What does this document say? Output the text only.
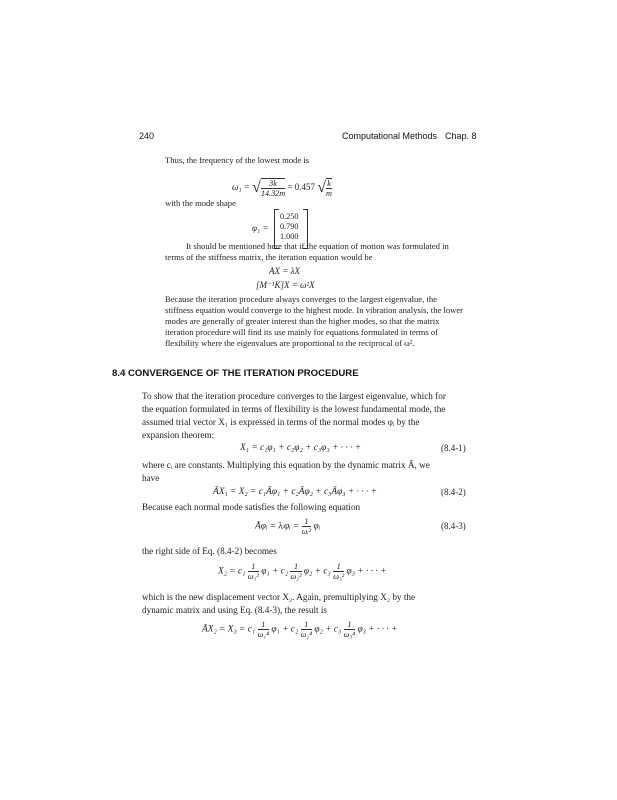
240	Computational Methods Chap. 8
Thus, the frequency of the lowest mode is
ω₁ = √ $\frac{3k}{14.32m} = 0.457$ √ $\frac{k}{m}$
with the mode shape
φ₁ =
0.250
0.790
1.000
It should be mentioned here that if the equation of motion was formulated in
terms of the stiffness matrix, the iteration equation would be
AX = λX
[M⁻¹K]X = ω²X
Because the iteration procedure always converges to the largest eigenvalue, the
stiffness equation would converge to the highest mode. In vibration analysis, the lower
modes are generally of greater interest than the higher modes, so that the matrix
iteration procedure will find its use mainly for equations formulated in terms of
flexibility where the eigenvalues are proportional to the reciprocal of ω².
8.4 CONVERGENCE OF THE ITERATION PROCEDURE
To show that the iteration procedure converges to the largest eigenvalue, which for
the equation formulated in terms of flexibility is the lowest fundamental mode, the
assumed trial vector X₁ is expressed in terms of the normal modes φᵢ by the
expansion theorem:
X₁ = c₁φ₁ + c₂φ₂ + c₃φ₃ + · · · +	(8.4-1)
where cᵢ are constants. Multiplying this equation by the dynamic matrix Ā, we
have
ĀX₁ = X₂ = c₁Āφ₁ + c₂Āφ₂ + c₃Āφ₃ + · · · +	(8.4-2)
Because each normal mode satisfies the following equation
Āφᵢ = λᵢφᵢ = $\frac{1}{\text{ωᵢ²}}$ φᵢ	(8.4-3)
the right side of Eq. (8.4-2) becomes
$X_2 = c_1 \frac{1}{\text{ω₁²}} \varphi_1 + c_2 \frac{1}{\text{ω₂²}} \varphi_2 + c_3 \frac{1}{\text{ω₃²}} \varphi_3$ + · · · +
which is the new displacement vector X₂. Again, premultiplying X₂ by the
dynamic matrix and using Eq. (8.4-3), the result is
ĀX₂ = $X_3 = c_1 \frac{1}{\text{ω₁⁴}} \varphi_1 + c_2 \frac{1}{\text{ω₂⁴}} \varphi_2 + c_3 \frac{1}{\text{ω₃⁴}} \varphi_3$ + · · · +
